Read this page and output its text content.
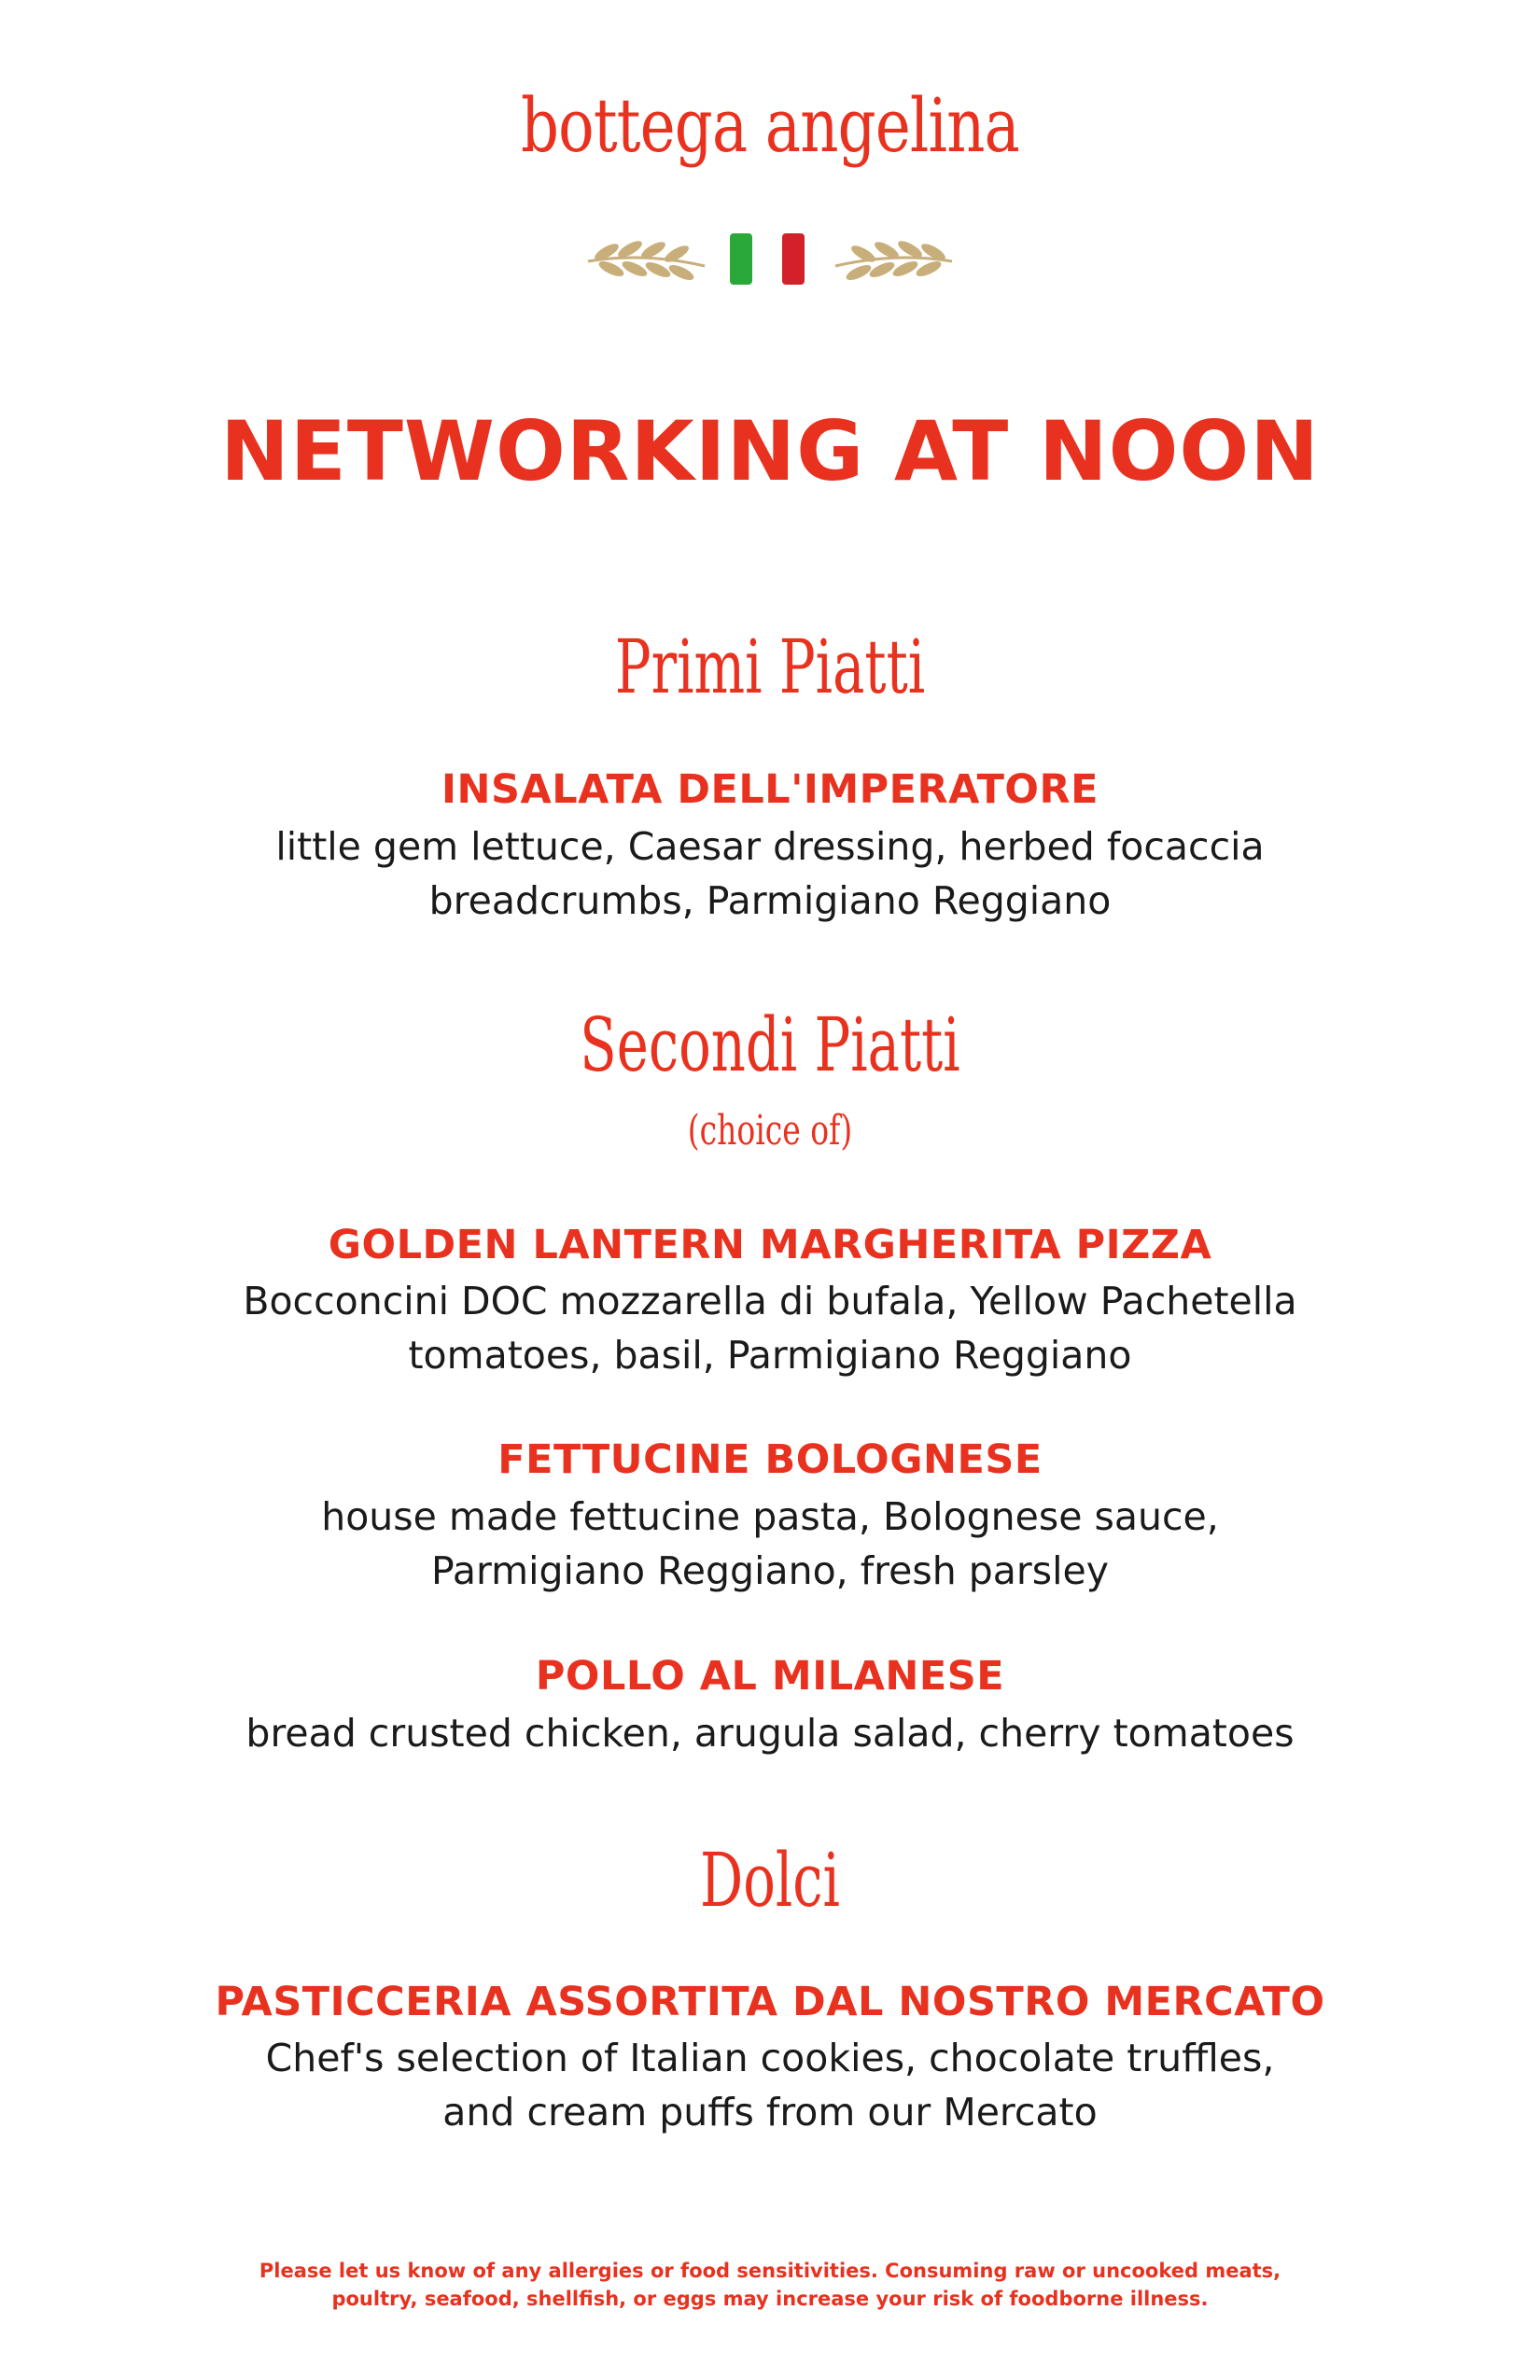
bottega angelina
NETWORKING AT NOON
Primi Piatti
INSALATA DELL'IMPERATORE
little gem lettuce, Caesar dressing, herbed focaccia
breadcrumbs, Parmigiano Reggiano
Secondi Piatti
(choice of)
GOLDEN LANTERN MARGHERITA PIZZA
Bocconcini DOC mozzarella di bufala, Yellow Pachetella
tomatoes, basil, Parmigiano Reggiano
FETTUCINE BOLOGNESE
house made fettucine pasta, Bolognese sauce,
Parmigiano Reggiano, fresh parsley
POLLO AL MILANESE
bread crusted chicken, arugula salad, cherry tomatoes
Dolci
PASTICCERIA ASSORTITA DAL NOSTRO MERCATO
Chef's selection of Italian cookies, chocolate truffles,
and cream puffs from our Mercato
Please let us know of any allergies or food sensitivities. Consuming raw or uncooked meats,
poultry, seafood, shellfish, or eggs may increase your risk of foodborne illness.
